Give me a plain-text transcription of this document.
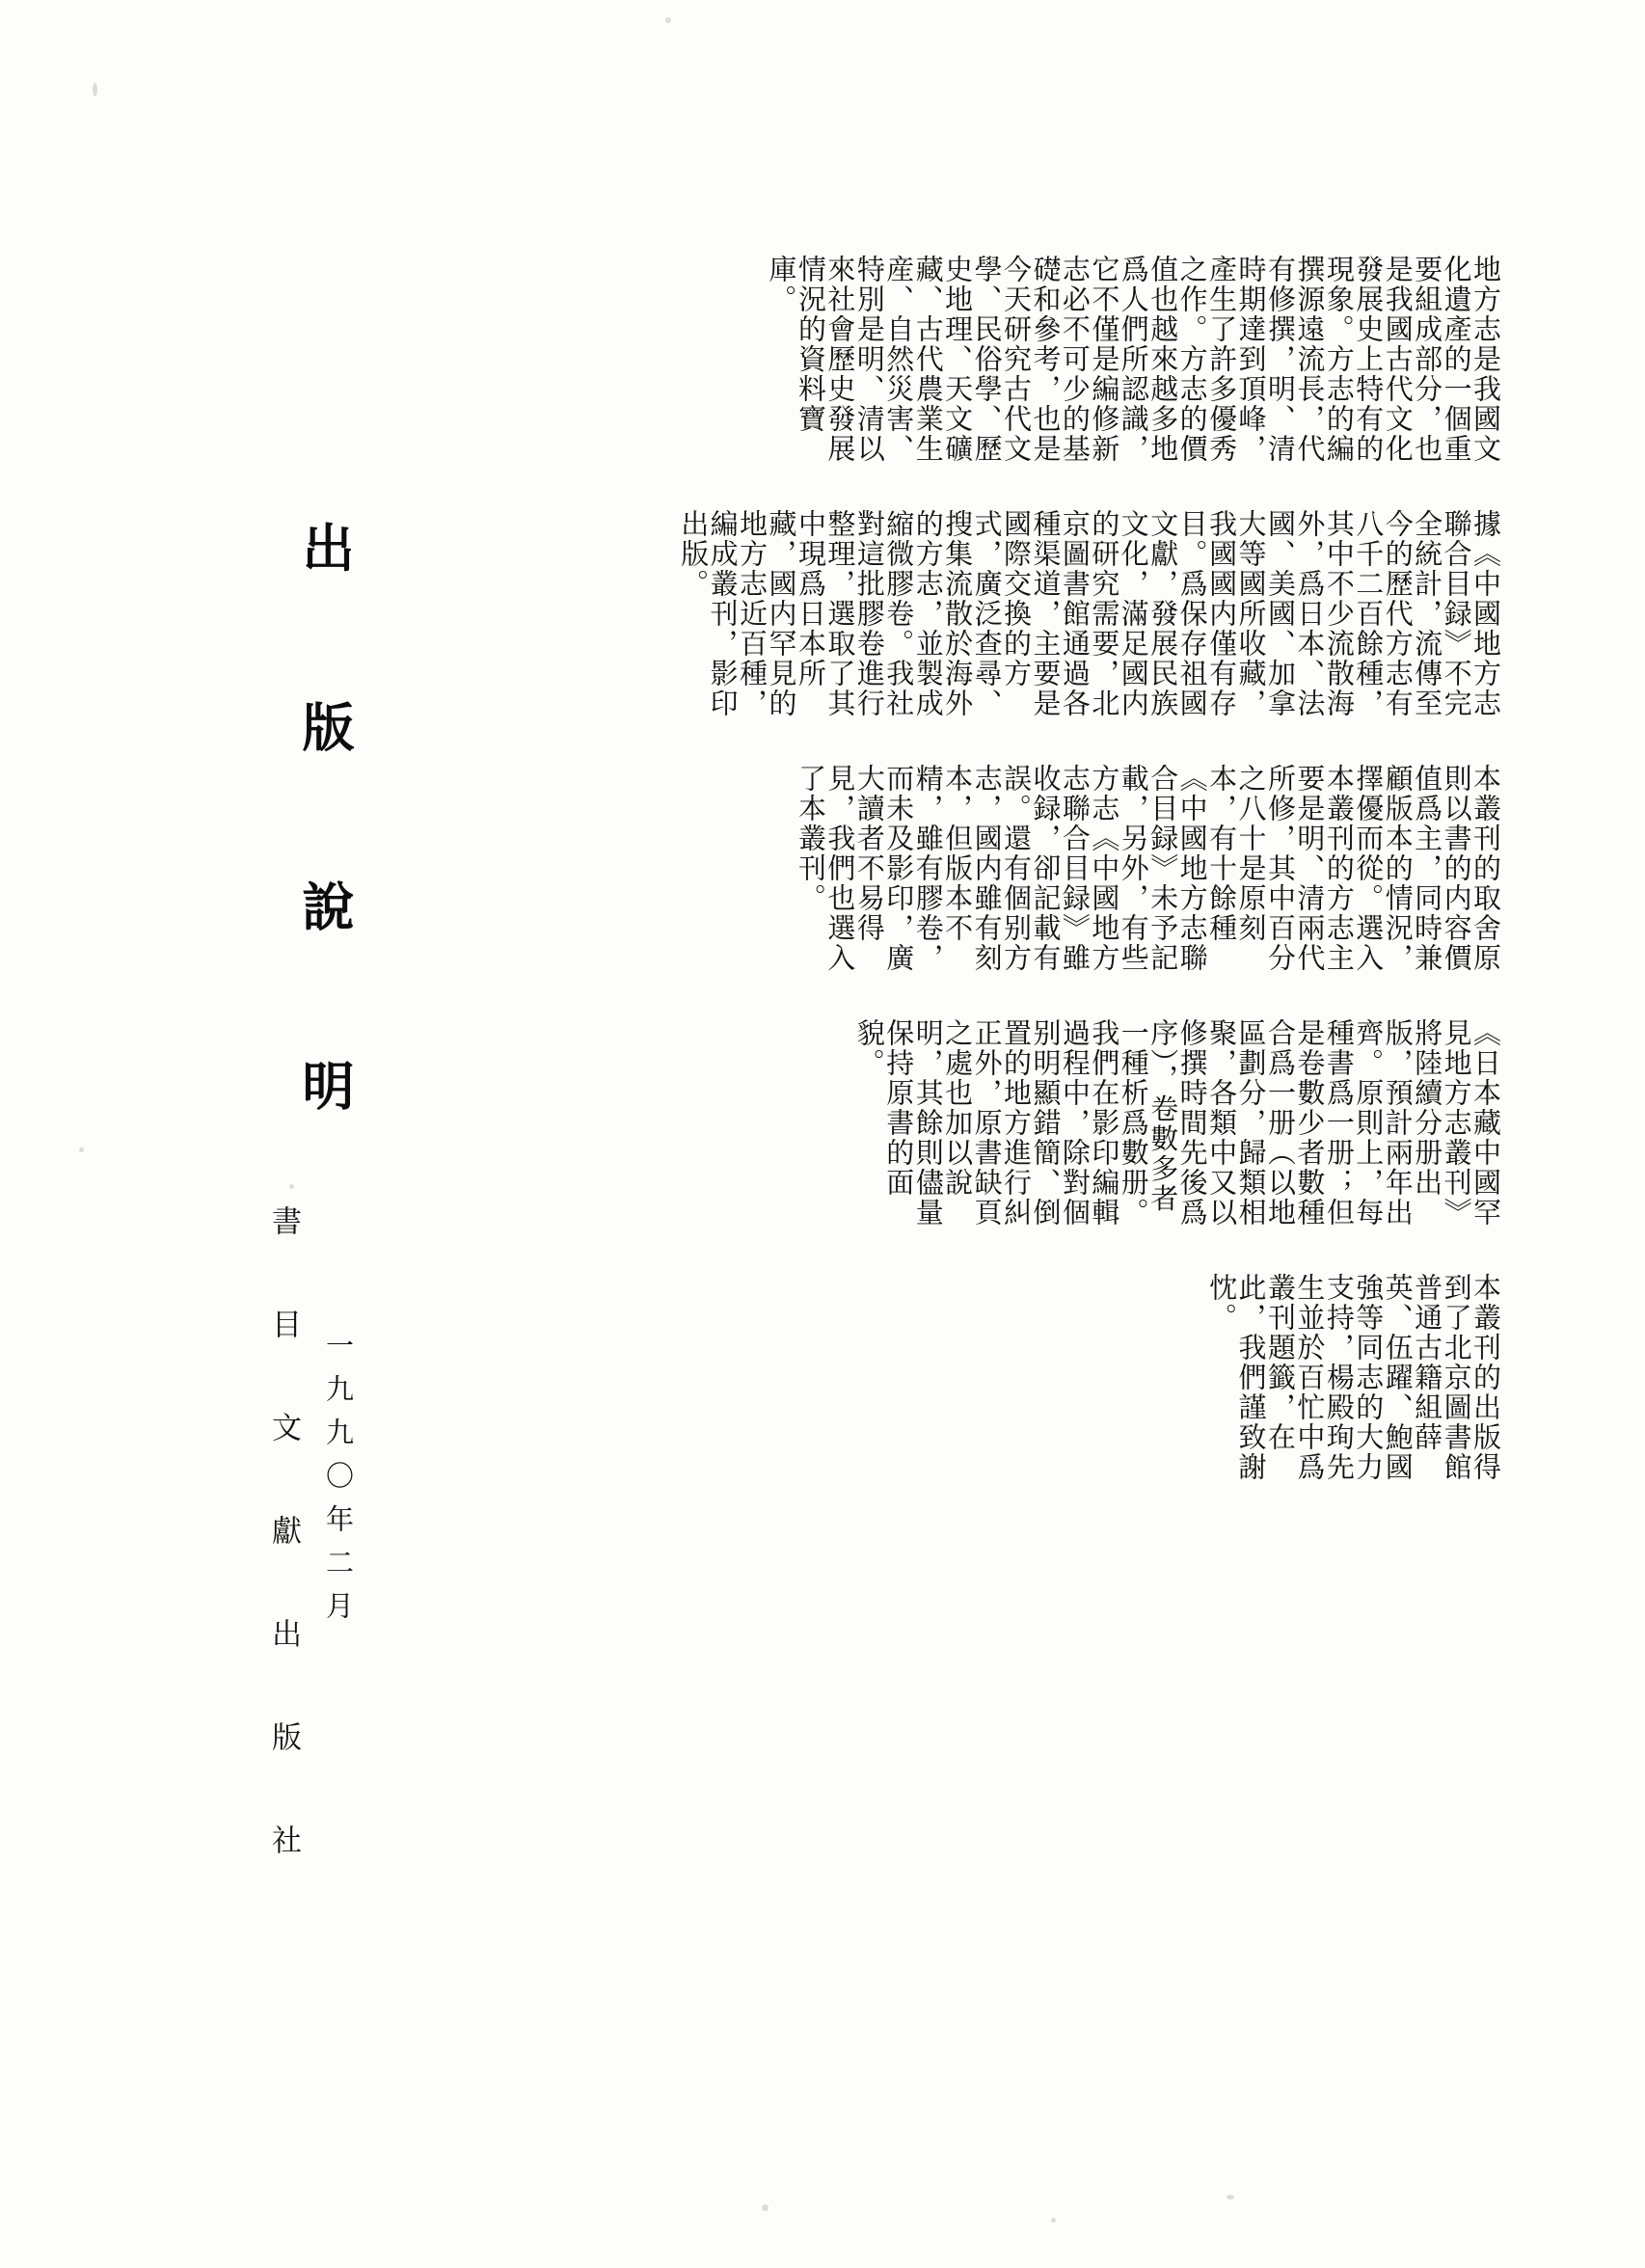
出 版 說 明
地方志是我國文化遺產的一個重要組成部分，也是我國古代文化發展史上特有的現象。方志的編撰源遠流長，代有修撰，明、清時期達到頂峰，產生了許多優秀之作。方志的價值也越來越多地爲人們所認識，它不僅是編修新志必不可少的基礎和參考，也是今天研究古代文學、民俗學、歷史地理、天文礦藏、古代農業生産、自然災害、特別是明、清以來社會歷史發展情況的資料寶庫。
據《中國地方志聯合目録》不完全統計，流傳至今的歷代方志有八千二百餘種，其中不少流散海外，爲日本、法國、美國、加拿大等國所收藏，我國國内僅有存目。爲保存祖國文獻，發展民族文化，滿足國内的研究需要，北京圖書館通過各種渠道，主要是國際交換的方式，廣泛查尋、搜集流散於海外的方志，並製成縮微膠卷。我社對這批膠卷進行整理，選取了其中現爲日本所藏，國内罕見的地方志近百種，編成叢刊，影印出版。
本叢刊的取舍原則以書的内容價值爲主，同時兼顧版本的情況，擇優而從。選入本叢刊的方志主要是明、清兩代所修，其中百分之八十是原刻本，有十餘種《中國地方志聯合目録》未予記載，另外，有些方志《中國地方志聯合目録》雖收録，卻記載有誤。還有個别方志，國内雖有刻本，但版本不精，雖有膠卷，而未及影印，廣大讀者不易得見，我們也選入了本叢刊。
《日本藏中國罕見地方志叢刊》將陸續分册出版，預計兩年出齊。原則上，每種書爲一册；但是卷數少者數種合爲一册（以地區劃分，歸類相聚，各類中又以修撰時間先後爲序），卷數多者一種析爲數册。我們在影印編輯過程中，除對個别明顯錯簡、倒置的地方進行糾正外，原書缺頁之處也加以說明，其餘則儘量保持原書的面貌。
本叢刊的出版得到了北京圖書館普通古籍組薛英、伍躍、鮑國強等同志的大力支持，楊殿珣先生並於百忙中爲叢刊題籤，在此，我們謹致謝忱。
書 目 文 獻 出 版 社 一九九〇年二月
